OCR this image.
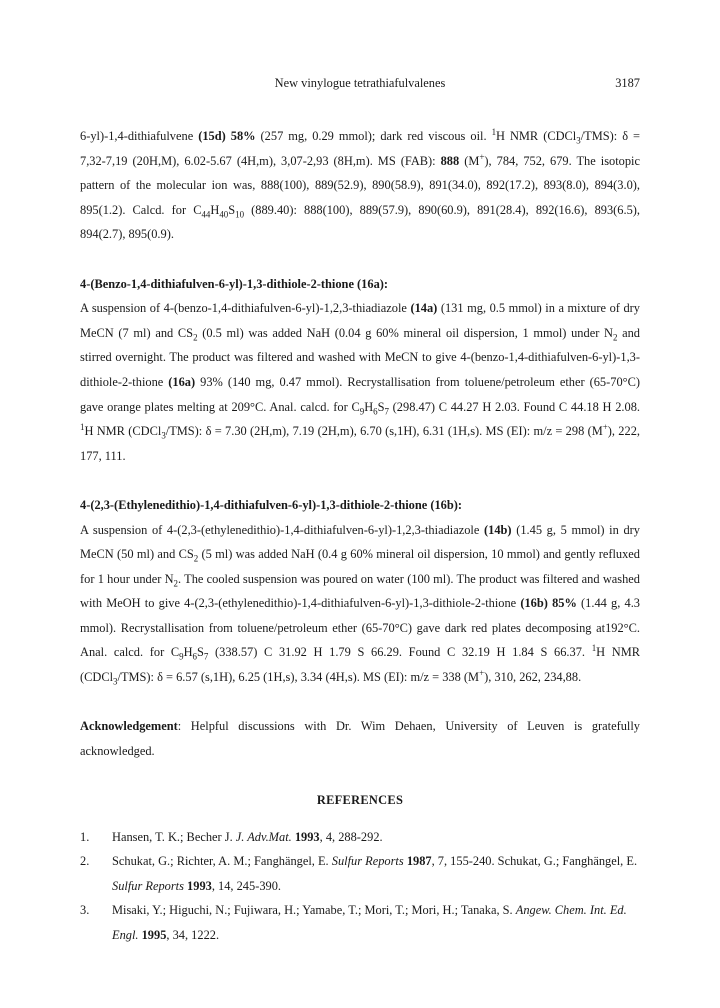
New vinylogue tetrathiafulvalenes	3187

6-yl)-1,4-dithiafulvene (15d) 58% (257 mg, 0.29 mmol); dark red viscous oil. $^1$H NMR (CDCl$_3$/TMS): δ = 7,32-7,19 (20H,M), 6.02-5.67 (4H,m), 3,07-2,93 (8H,m). MS (FAB): 888 (M+), 784, 752, 679. The isotopic pattern of the molecular ion was, 888(100), 889(52.9), 890(58.9), 891(34.0), 892(17.2), 893(8.0), 894(3.0), 895(1.2). Calcd. for $C_{44}H_{40}S_{10}$ (889.40): 888(100), 889(57.9), 890(60.9), 891(28.4), 892(16.6), 893(6.5), 894(2.7), 895(0.9).

4-(Benzo-1,4-dithiafulven-6-yl)-1,3-dithiole-2-thione (16a):

A suspension of 4-(benzo-1,4-dithiafulven-6-yl)-1,2,3-thiadiazole (14a) (131 mg, 0.5 mmol) in a mixture of dry MeCN (7 ml) and $CS_2$ (0.5 ml) was added NaH (0.04 g 60% mineral oil dispersion, 1 mmol) under $N_2$ and stirred overnight. The product was filtered and washed with MeCN to give 4-(benzo-1,4-dithiafulven-6-yl)-1,3-dithiole-2-thione (16a) 93% (140 mg, 0.47 mmol). Recrystallisation from toluene/petroleum ether (65-70°C) gave orange plates melting at 209°C. Anal. calcd. for $C_9H_6S_7$ (298.47) C 44.27 H 2.03. Found C 44.18 H 2.08. $^1$H NMR (CDCl$_3$/TMS): δ = 7.30 (2H,m), 7.19 (2H,m), 6.70 (s,1H), 6.31 (1H,s). MS (EI): m/z = 298 (M+), 222, 177, 111.

4-(2,3-(Ethylenedithio)-1,4-dithiafulven-6-yl)-1,3-dithiole-2-thione (16b):

A suspension of 4-(2,3-(ethylenedithio)-1,4-dithiafulven-6-yl)-1,2,3-thiadiazole (14b) (1.45 g, 5 mmol) in dry MeCN (50 ml) and $CS_2$ (5 ml) was added NaH (0.4 g 60% mineral oil dispersion, 10 mmol) and gently refluxed for 1 hour under $N_2$. The cooled suspension was poured on water (100 ml). The product was filtered and washed with MeOH to give 4-(2,3-(ethylenedithio)-1,4-dithiafulven-6-yl)-1,3-dithiole-2-thione (16b) 85% (1.44 g, 4.3 mmol). Recrystallisation from toluene/petroleum ether (65-70°C) gave dark red plates decomposing at192°C. Anal. calcd. for $C_9H_6S_7$ (338.57) C 31.92 H 1.79 S 66.29. Found C 32.19 H 1.84 S 66.37. $^1$H NMR (CDCl$_3$/TMS): δ = 6.57 (s,1H), 6.25 (1H,s), 3.34 (4H,s). MS (EI): m/z = 338 (M+), 310, 262, 234,88.

Acknowledgement: Helpful discussions with Dr. Wim Dehaen, University of Leuven is gratefully acknowledged.

REFERENCES

1. Hansen, T. K.; Becher J. J. Adv.Mat. 1993, 4, 288-292.
2. Schukat, G.; Richter, A. M.; Fanghängel, E. Sulfur Reports 1987, 7, 155-240. Schukat, G.; Fanghängel, E. Sulfur Reports 1993, 14, 245-390.
3. Misaki, Y.; Higuchi, N.; Fujiwara, H.; Yamabe, T.; Mori, T.; Mori, H.; Tanaka, S. Angew. Chem. Int. Ed. Engl. 1995, 34, 1222.
